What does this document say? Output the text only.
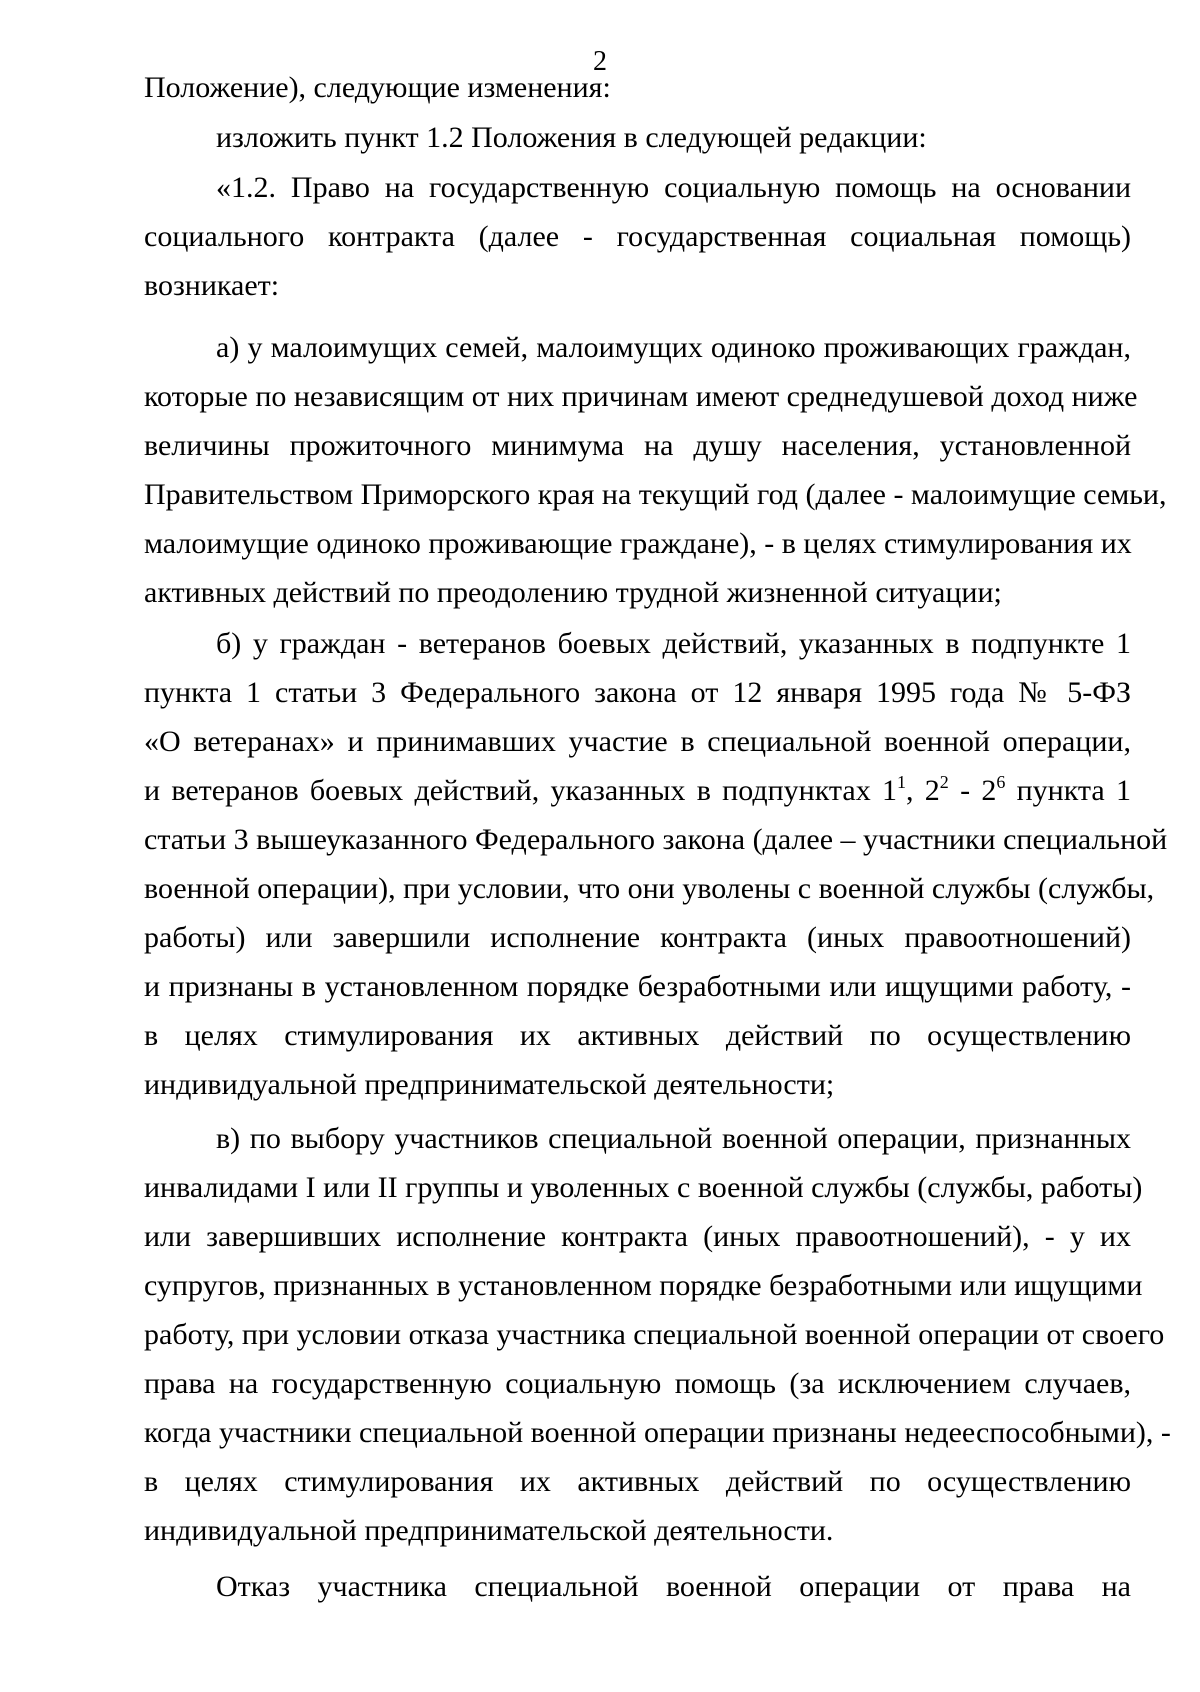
2
Положение), следующие изменения:
изложить пункт 1.2 Положения в следующей редакции:
«1.2. Право на государственную социальную помощь на основании
социального контракта (далее - государственная социальная помощь)
возникает:
а) у малоимущих семей, малоимущих одиноко проживающих граждан,
которые по независящим от них причинам имеют среднедушевой доход ниже
величины прожиточного минимума на душу населения, установленной
Правительством Приморского края на текущий год (далее - малоимущие семьи,
малоимущие одиноко проживающие граждане), - в целях стимулирования их
активных действий по преодолению трудной жизненной ситуации;
б) у граждан - ветеранов боевых действий, указанных в подпункте 1
пункта 1 статьи 3 Федерального закона от 12 января 1995 года № 5-ФЗ
«О ветеранах» и принимавших участие в специальной военной операции,
и ветеранов боевых действий, указанных в подпунктах $1^1$, $2^2 - 2^6$ пункта 1
статьи 3 вышеуказанного Федерального закона (далее – участники специальной
военной операции), при условии, что они уволены с военной службы (службы,
работы) или завершили исполнение контракта (иных правоотношений)
и признаны в установленном порядке безработными или ищущими работу, -
в целях стимулирования их активных действий по осуществлению
индивидуальной предпринимательской деятельности;
в) по выбору участников специальной военной операции, признанных
инвалидами I или II группы и уволенных с военной службы (службы, работы)
или завершивших исполнение контракта (иных правоотношений), - у их
супругов, признанных в установленном порядке безработными или ищущими
работу, при условии отказа участника специальной военной операции от своего
права на государственную социальную помощь (за исключением случаев,
когда участники специальной военной операции признаны недееспособными), -
в целях стимулирования их активных действий по осуществлению
индивидуальной предпринимательской деятельности.
Отказ участника специальной военной операции от права на
